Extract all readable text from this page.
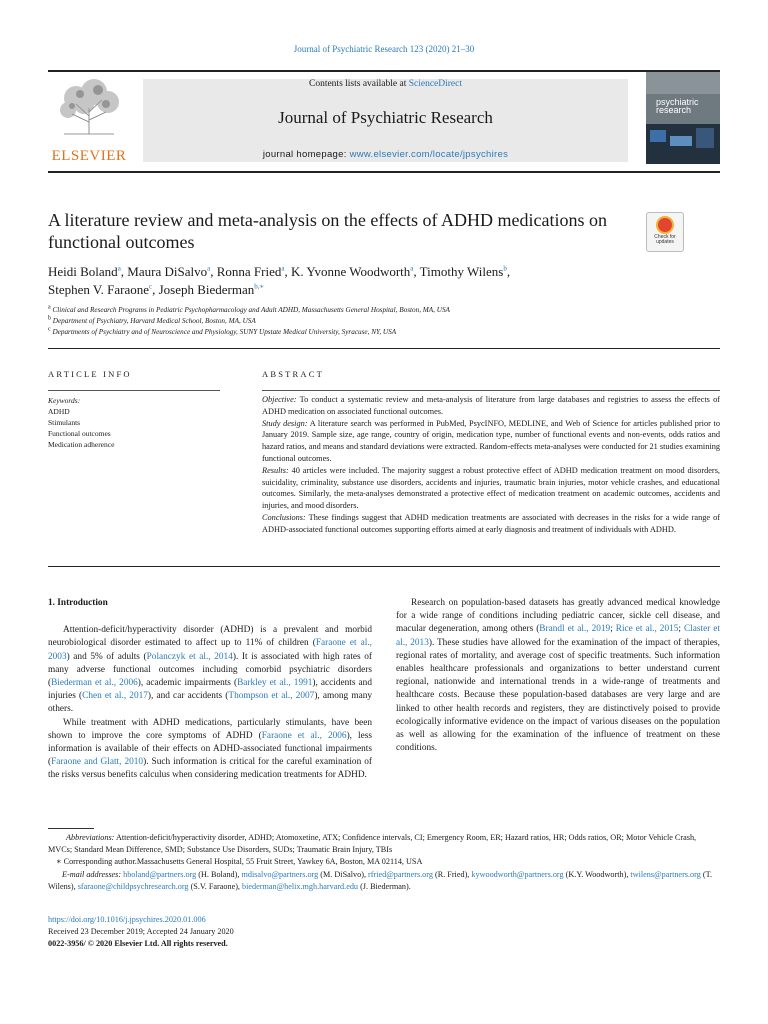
Journal of Psychiatric Research 123 (2020) 21–30
ELSEVIER
Contents lists available at ScienceDirect
Journal of Psychiatric Research
journal homepage: www.elsevier.com/locate/jpsychires
psychiatric
research
A literature review and meta-analysis on the effects of ADHD medications on functional outcomes	Check for updates
Heidi Boland$^a$, Maura DiSalvo$^a$, Ronna Fried$^a$, K. Yvonne Woodworth$^a$, Timothy Wilens$^b$,
Stephen V. Faraone$^c$, Joseph Biederman$^{b,∗}$
$^a$ Clinical and Research Programs in Pediatric Psychopharmacology and Adult ADHD, Massachusetts General Hospital, Boston, MA, USA
$^b$ Department of Psychiatry, Harvard Medical School, Boston, MA, USA
$^c$ Departments of Psychiatry and of Neuroscience and Physiology, SUNY Upstate Medical University, Syracuse, NY, USA
ARTICLE INFO	ABSTRACT
Keywords:
ADHD
Stimulants
Functional outcomes
Medication adherence

Objective: To conduct a systematic review and meta-analysis of literature from large databases and registries to assess the effects of ADHD medication on associated functional outcomes.

Study design: A literature search was performed in PubMed, PsycINFO, MEDLINE, and Web of Science for articles published prior to January 2019. Sample size, age range, country of origin, medication type, number of functional events and non-events, odds ratios and hazard ratios, and means and standard deviations were extracted. Random-effects meta-analyses were conducted for 21 studies examining functional outcomes.

Results: 40 articles were included. The majority suggest a robust protective effect of ADHD medication treatment on mood disorders, suicidality, criminality, substance use disorders, accidents and injuries, traumatic brain injuries, motor vehicle crashes, and educational outcomes. Similarly, the meta-analyses demonstrated a protective effect of medication treatment on academic outcomes, accidents and injuries, and mood disorders.

Conclusions: These findings suggest that ADHD medication treatments are associated with decreases in the risks for a wide range of ADHD-associated functional outcomes supporting efforts aimed at early diagnosis and treatment of individuals with ADHD.

1. Introduction

Attention-deficit/hyperactivity disorder (ADHD) is a prevalent and morbid neurobiological disorder estimated to affect up to 11% of children (Faraone et al., 2003) and 5% of adults (Polanczyk et al., 2014). It is associated with high rates of many adverse functional outcomes including comorbid psychiatric disorders (Biederman et al., 2006), academic impairments (Barkley et al., 1991), accidents and injuries (Chen et al., 2017), and car accidents (Thompson et al., 2007), among many others.

While treatment with ADHD medications, particularly stimulants, have been shown to improve the core symptoms of ADHD (Faraone et al., 2006), less information is available of their effects on ADHD-associated functional impairments (Faraone and Glatt, 2010). Such information is critical for the careful examination of the risks versus benefits calculus when considering medication treatments for ADHD.

Research on population-based datasets has greatly advanced medical knowledge for a wide range of conditions including pediatric cancer, sickle cell disease, and macular degeneration, among others (Brandl et al., 2019; Rice et al., 2015; Claster et al., 2013). These studies have allowed for the examination of the impact of therapies, regional rates of mortality, and average cost of specific treatments. Such information enables healthcare professionals and organizations to better understand current regional, nationwide and international trends in a wide-range of treatments and healthcare costs. Because these population-based databases are very large and are linked to other health records and registers, they are distinctively poised to provide ecologically informative evidence on the impact of various diseases on the population as well as allowing for the examination of the influence of treatment on these conditions.

Abbreviations: Attention-deficit/hyperactivity disorder, ADHD; Atomoxetine, ATX; Confidence intervals, CI; Emergency Room, ER; Hazard ratios, HR; Odds ratios, OR; Motor Vehicle Crash, MVCs; Standard Mean Difference, SMD; Substance Use Disorders, SUDs; Traumatic Brain Injury, TBIs

∗ Corresponding author.Massachusetts General Hospital, 55 Fruit Street, Yawkey 6A, Boston, MA 02114, USA

E-mail addresses: hboland@partners.org (H. Boland), mdisalvo@partners.org (M. DiSalvo), rfried@partners.org (R. Fried), kywoodworth@partners.org (K.Y. Woodworth), twilens@partners.org (T. Wilens), sfaraone@childpsychresearch.org (S.V. Faraone), biederman@helix.mgh.harvard.edu (J. Biederman).

https://doi.org/10.1016/j.jpsychires.2020.01.006

Received 23 December 2019; Accepted 24 January 2020

0022-3956/ © 2020 Elsevier Ltd. All rights reserved.
